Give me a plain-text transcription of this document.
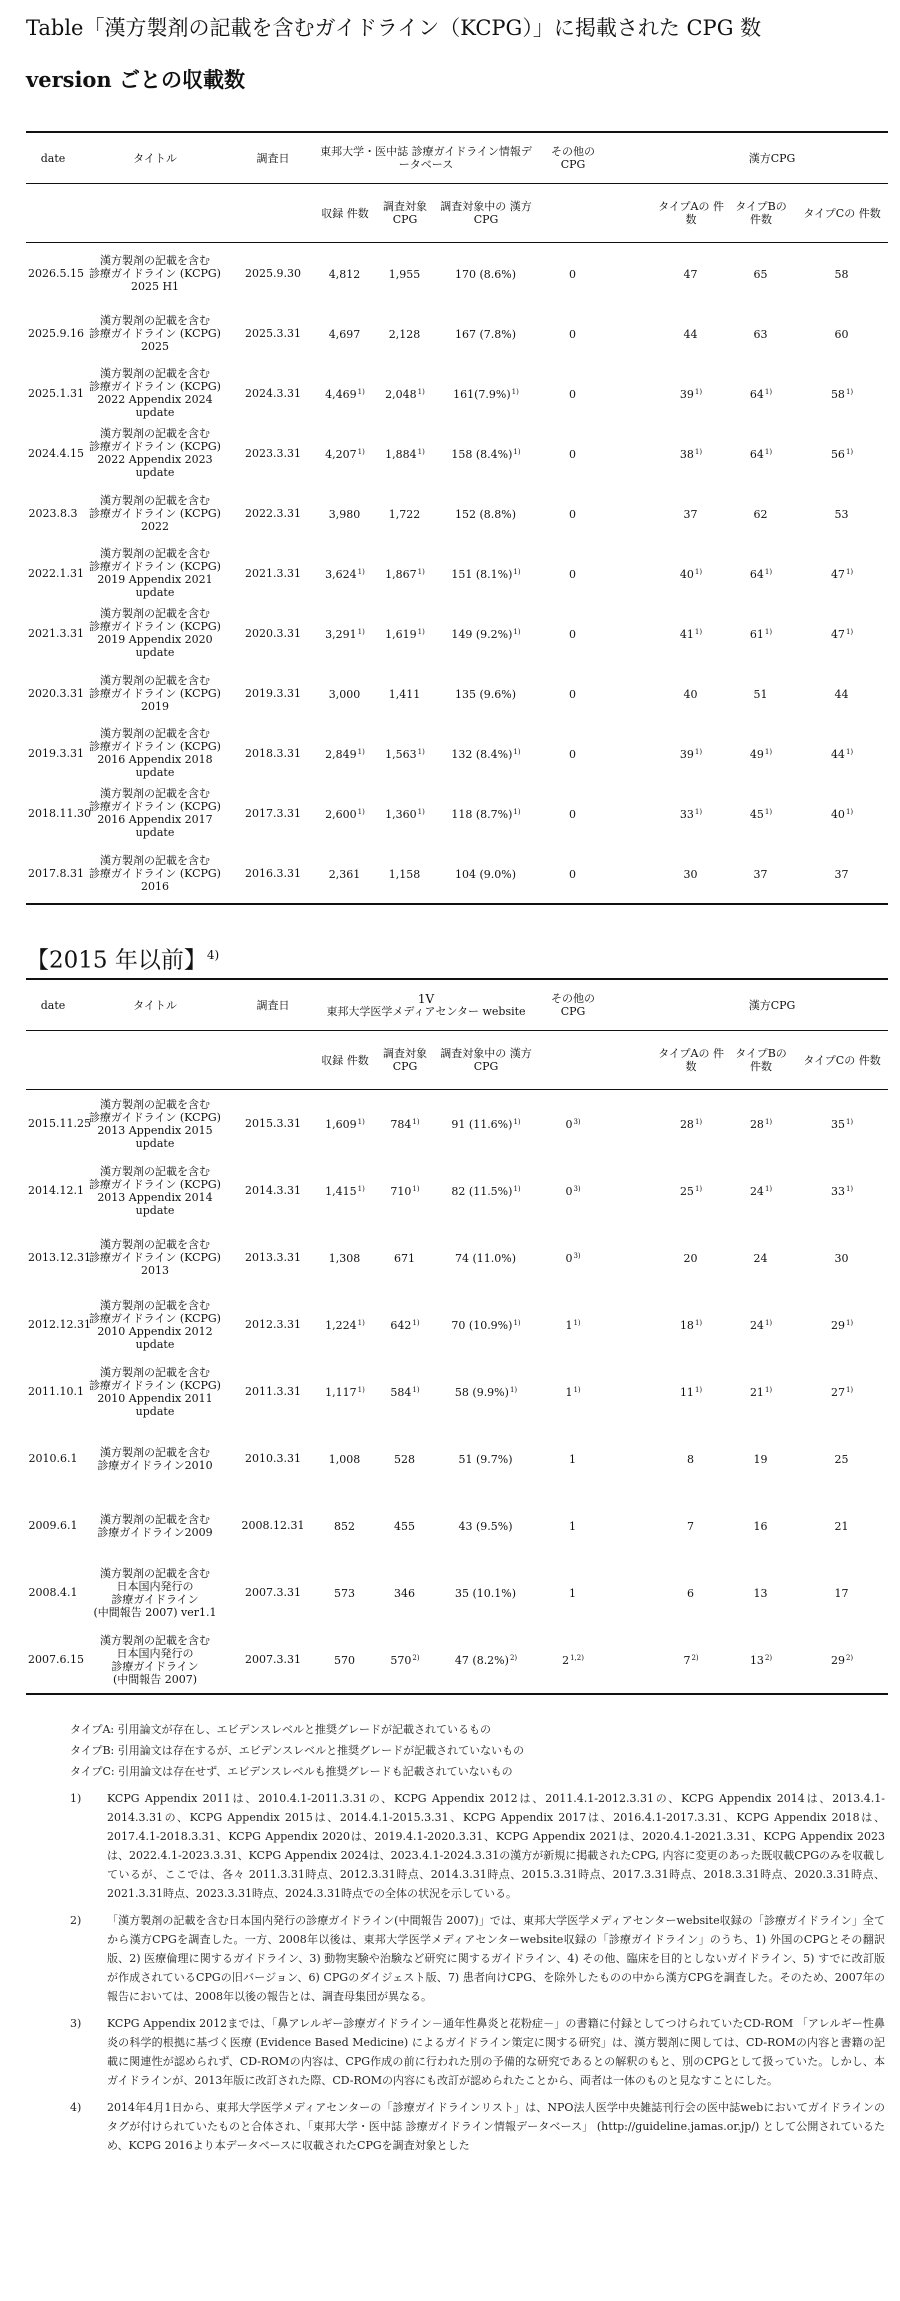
Table「漢方製剤の記載を含むガイドライン（KCPG）」に掲載された CPG 数
version ごとの収載数
date	タイトル	調査日	東邦大学・医中誌 診療ガイドライン情報データベース			その他の CPG		漢方CPG		
			収録 件数	調査対象 CPG	調査対象中の 漢方CPG			タイプAの 件数	タイプBの 件数	タイプCの 件数
2026.5.15	漢方製剤の記載を含む
診療ガイドライン (KCPG)
2025 H1	2025.9.30	4,812	1,955	170 (8.6%)	0		47	65	58
2025.9.16	漢方製剤の記載を含む
診療ガイドライン (KCPG)
2025	2025.3.31	4,697	2,128	167 (7.8%)	0		44	63	60
2025.1.31	漢方製剤の記載を含む
診療ガイドライン (KCPG)
2022 Appendix 2024 update	2024.3.31	4,469$^{1)}$	2,048$^{1)}$	$161(7.9\%)^{1)}$	0		39$^{1)}$	64$^{1)}$	58$^{1)}$
2024.4.15	漢方製剤の記載を含む
診療ガイドライン (KCPG)
2022 Appendix 2023 update	2023.3.31	4,207$^{1)}$	1,884$^{1)}$	158 $(8.4\%)^{1)}$	0		38$^{1)}$	64$^{1)}$	56$^{1)}$
2023.8.3	漢方製剤の記載を含む
診療ガイドライン (KCPG)
2022	2022.3.31	3,980	1,722	152 (8.8%)	0		37	62	53
2022.1.31	漢方製剤の記載を含む
診療ガイドライン (KCPG)
2019 Appendix 2021 update	2021.3.31	3,624$^{1)}$	1,867$^{1)}$	151 $(8.1\%)^{1)}$	0		40$^{1)}$	64$^{1)}$	47$^{1)}$
2021.3.31	漢方製剤の記載を含む
診療ガイドライン (KCPG)
2019 Appendix 2020 update	2020.3.31	3,291$^{1)}$	1,619$^{1)}$	149 $(9.2\%)^{1)}$	0		41$^{1)}$	61$^{1)}$	47$^{1)}$
2020.3.31	漢方製剤の記載を含む
診療ガイドライン (KCPG)
2019	2019.3.31	3,000	1,411	135 (9.6%)	0		40	51	44
2019.3.31	漢方製剤の記載を含む
診療ガイドライン (KCPG)
2016 Appendix 2018 update	2018.3.31	2,849$^{1)}$	1,563$^{1)}$	132 $(8.4\%)^{1)}$	0		39$^{1)}$	49$^{1)}$	44$^{1)}$
2018.11.30	漢方製剤の記載を含む
診療ガイドライン (KCPG)
2016 Appendix 2017 update	2017.3.31	2,600$^{1)}$	1,360$^{1)}$	118 $(8.7\%)^{1)}$	0		33$^{1)}$	45$^{1)}$	40$^{1)}$
2017.8.31	漢方製剤の記載を含む
診療ガイドライン (KCPG)
2016	2016.3.31	2,361	1,158	104 (9.0%)	0		30	37	37
【2015 年以前】$^{4)}$
date	タイトル	調査日	1V
東邦大学医学メディアセンター website			その他の CPG		漢方CPG		
			収録 件数	調査対象 CPG	調査対象中の 漢方CPG			タイプAの 件数	タイプBの 件数	タイプCの 件数
2015.11.25	漢方製剤の記載を含む
診療ガイドライン (KCPG)
2013 Appendix 2015 update	2015.3.31	1,609$^{1)}$	784$^{1)}$	91 $(11.6\%)^{1)}$	0$^{3)}$		28$^{1)}$	28$^{1)}$	35$^{1)}$
2014.12.1	漢方製剤の記載を含む
診療ガイドライン (KCPG)
2013 Appendix 2014 update	2014.3.31	1,415$^{1)}$	710$^{1)}$	82 $(11.5\%)^{1)}$	0$^{3)}$		25$^{1)}$	24$^{1)}$	33$^{1)}$
2013.12.31	漢方製剤の記載を含む
診療ガイドライン (KCPG)
2013	2013.3.31	1,308	671	74 (11.0%)	0$^{3)}$		20	24	30
2012.12.31	漢方製剤の記載を含む
診療ガイドライン (KCPG)
2010 Appendix 2012 update	2012.3.31	1,224$^{1)}$	642$^{1)}$	70 $(10.9\%)^{1)}$	1$^{1)}$		18$^{1)}$	24$^{1)}$	29$^{1)}$
2011.10.1	漢方製剤の記載を含む
診療ガイドライン (KCPG)
2010 Appendix 2011 update	2011.3.31	1,117$^{1)}$	584$^{1)}$	58 $(9.9\%)^{1)}$	1$^{1)}$		11$^{1)}$	21$^{1)}$	27$^{1)}$
2010.6.1	漢方製剤の記載を含む
診療ガイドライン2010	2010.3.31	1,008	528	51 (9.7%)	1		8	19	25
2009.6.1	漢方製剤の記載を含む
診療ガイドライン2009	2008.12.31	852	455	43 (9.5%)	1		7	16	21
2008.4.1	漢方製剤の記載を含む
日本国内発行の
診療ガイドライン
(中間報告 2007) ver1.1	2007.3.31	573	346	35 (10.1%)	1		6	13	17
2007.6.15	漢方製剤の記載を含む
日本国内発行の
診療ガイドライン
(中間報告 2007)	2007.3.31	570	570$^{2)}$	47 $(8.2\%)^{2)}$	2$^{1,2)}$		7$^{2)}$	13$^{2)}$	29$^{2)}$

タイプA: 引用論文が存在し、エビデンスレベルと推奨グレードが記載されているもの

タイプB: 引用論文は存在するが、エビデンスレベルと推奨グレードが記載されていないもの

タイプC: 引用論文は存在せず、エビデンスレベルも推奨グレードも記載されていないもの

1) KCPG Appendix 2011は、2010.4.1-2011.3.31の、KCPG Appendix 2012は、2011.4.1-2012.3.31の、KCPG Appendix 2014は、2013.4.1-2014.3.31の、KCPG Appendix 2015は、2014.4.1-2015.3.31、KCPG Appendix 2017は、2016.4.1-2017.3.31、KCPG Appendix 2018は、2017.4.1-2018.3.31、KCPG Appendix 2020は、2019.4.1-2020.3.31、KCPG Appendix 2021は、2020.4.1-2021.3.31、KCPG Appendix 2023は、2022.4.1-2023.3.31、KCPG Appendix 2024は、2023.4.1-2024.3.31の漢方が新規に掲載されたCPG, 内容に変更のあった既収載CPGのみを収載しているが、ここでは、各々 2011.3.31時点、2012.3.31時点、2014.3.31時点、2015.3.31時点、2017.3.31時点、2018.3.31時点、2020.3.31時点、2021.3.31時点、2023.3.31時点、2024.3.31時点での全体の状況を示している。
2) 「漢方製剤の記載を含む日本国内発行の診療ガイドライン(中間報告 2007)」では、東邦大学医学メディアセンターwebsite収録の「診療ガイドライン」全てから漢方CPGを調査した。一方、2008年以後は、東邦大学医学メディアセンターwebsite収録の「診療ガイドライン」のうち、1) 外国のCPGとその翻訳版、2) 医療倫理に関するガイドライン、3) 動物実験や治験など研究に関するガイドライン、4) その他、臨床を目的としないガイドライン、5) すでに改訂版が作成されているCPGの旧バージョン、6) CPGのダイジェスト版、7) 患者向けCPG、を除外したものの中から漢方CPGを調査した。そのため、2007年の報告においては、2008年以後の報告とは、調査母集団が異なる。
3) KCPG Appendix 2012までは、「鼻アレルギー診療ガイドライン－通年性鼻炎と花粉症－」の書籍に付録としてつけられていたCD-ROM 「アレルギー性鼻炎の科学的根拠に基づく医療 (Evidence Based Medicine) によるガイドライン策定に関する研究」は、漢方製剤に関しては、CD-ROMの内容と書籍の記載に関連性が認められず、CD-ROMの内容は、CPG作成の前に行われた別の予備的な研究であるとの解釈のもと、別のCPGとして扱っていた。しかし、本ガイドラインが、2013年版に改訂された際、CD-ROMの内容にも改訂が認められたことから、両者は一体のものと見なすことにした。
4) 2014年4月1日から、東邦大学医学メディアセンターの「診療ガイドラインリスト」は、NPO法人医学中央雑誌刊行会の医中誌webにおいてガイドラインのタグが付けられていたものと合体され、「東邦大学・医中誌 診療ガイドライン情報データベース」 (http://guideline.jamas.or.jp/) として公開されているため、KCPG 2016より本データベースに収載されたCPGを調査対象とした
